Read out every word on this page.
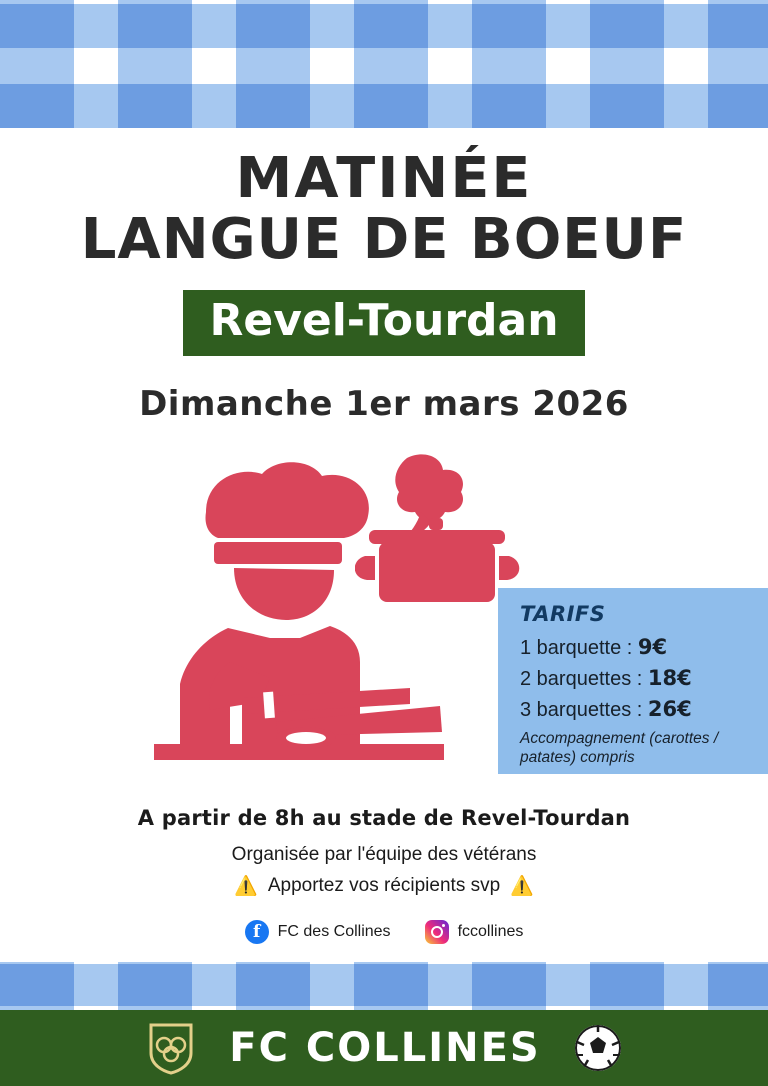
MATINÉE
LANGUE DE BOEUF
Revel-Tourdan
Dimanche 1er mars 2026
TARIFS
1 barquette : 9€
2 barquettes : 18€
3 barquettes : 26€
Accompagnement (carottes / patates) compris
A partir de 8h au stade de Revel-Tourdan
Organisée par l'équipe des vétérans
⚠️ Apportez vos récipients svp ⚠️
f	FC des Collines	fccollines
FC COLLINES
